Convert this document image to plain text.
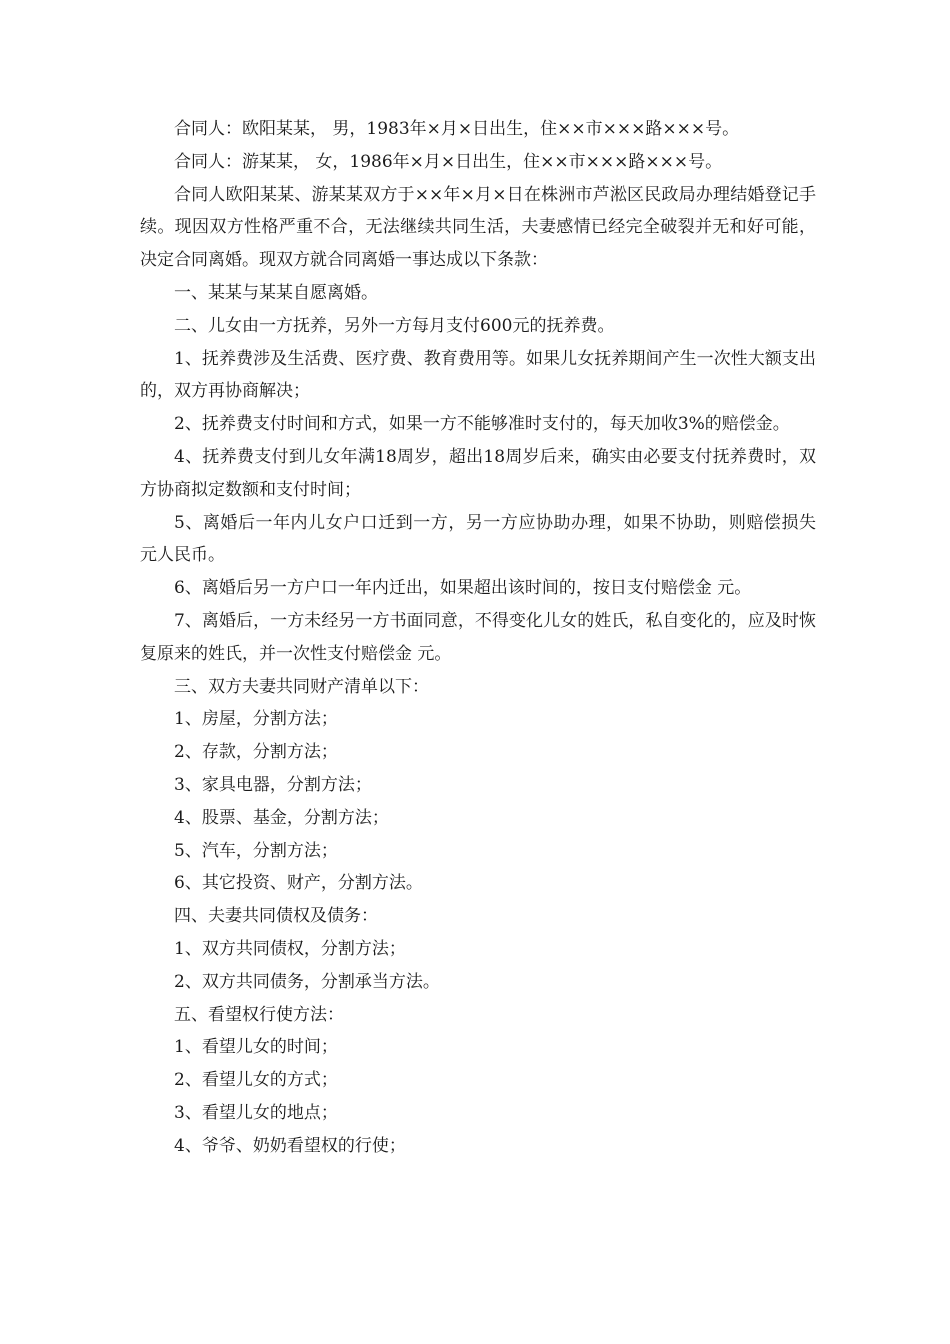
合同人：欧阳某某， 男，1983年×月×日出生，住××市×××路×××号。

合同人：游某某， 女，1986年×月×日出生，住××市×××路×××号。

合同人欧阳某某、游某某双方于××年×月×日在株洲市芦淞区民政局办理结婚登记手续。现因双方性格严重不合，无法继续共同生活，夫妻感情已经完全破裂并无和好可能，决定合同离婚。现双方就合同离婚一事达成以下条款：

一、某某与某某自愿离婚。

二、儿女由一方抚养，另外一方每月支付600元的抚养费。

1、抚养费涉及生活费、医疗费、教育费用等。如果儿女抚养期间产生一次性大额支出的，双方再协商解决；

2、抚养费支付时间和方式，如果一方不能够准时支付的，每天加收3%的赔偿金。

4、抚养费支付到儿女年满18周岁，超出18周岁后来，确实由必要支付抚养费时，双方协商拟定数额和支付时间；

5、离婚后一年内儿女户口迁到一方，另一方应协助办理，如果不协助，则赔偿损失 元人民币。

6、离婚后另一方户口一年内迁出，如果超出该时间的，按日支付赔偿金 元。

7、离婚后，一方未经另一方书面同意，不得变化儿女的姓氏，私自变化的，应及时恢复原来的姓氏，并一次性支付赔偿金 元。

三、双方夫妻共同财产清单以下：

1、房屋，分割方法；

2、存款，分割方法；

3、家具电器，分割方法；

4、股票、基金，分割方法；

5、汽车，分割方法；

6、其它投资、财产，分割方法。

四、夫妻共同债权及债务：

1、双方共同债权，分割方法；

2、双方共同债务，分割承当方法。

五、看望权行使方法：

1、看望儿女的时间；

2、看望儿女的方式；

3、看望儿女的地点；

4、爷爷、奶奶看望权的行使；
